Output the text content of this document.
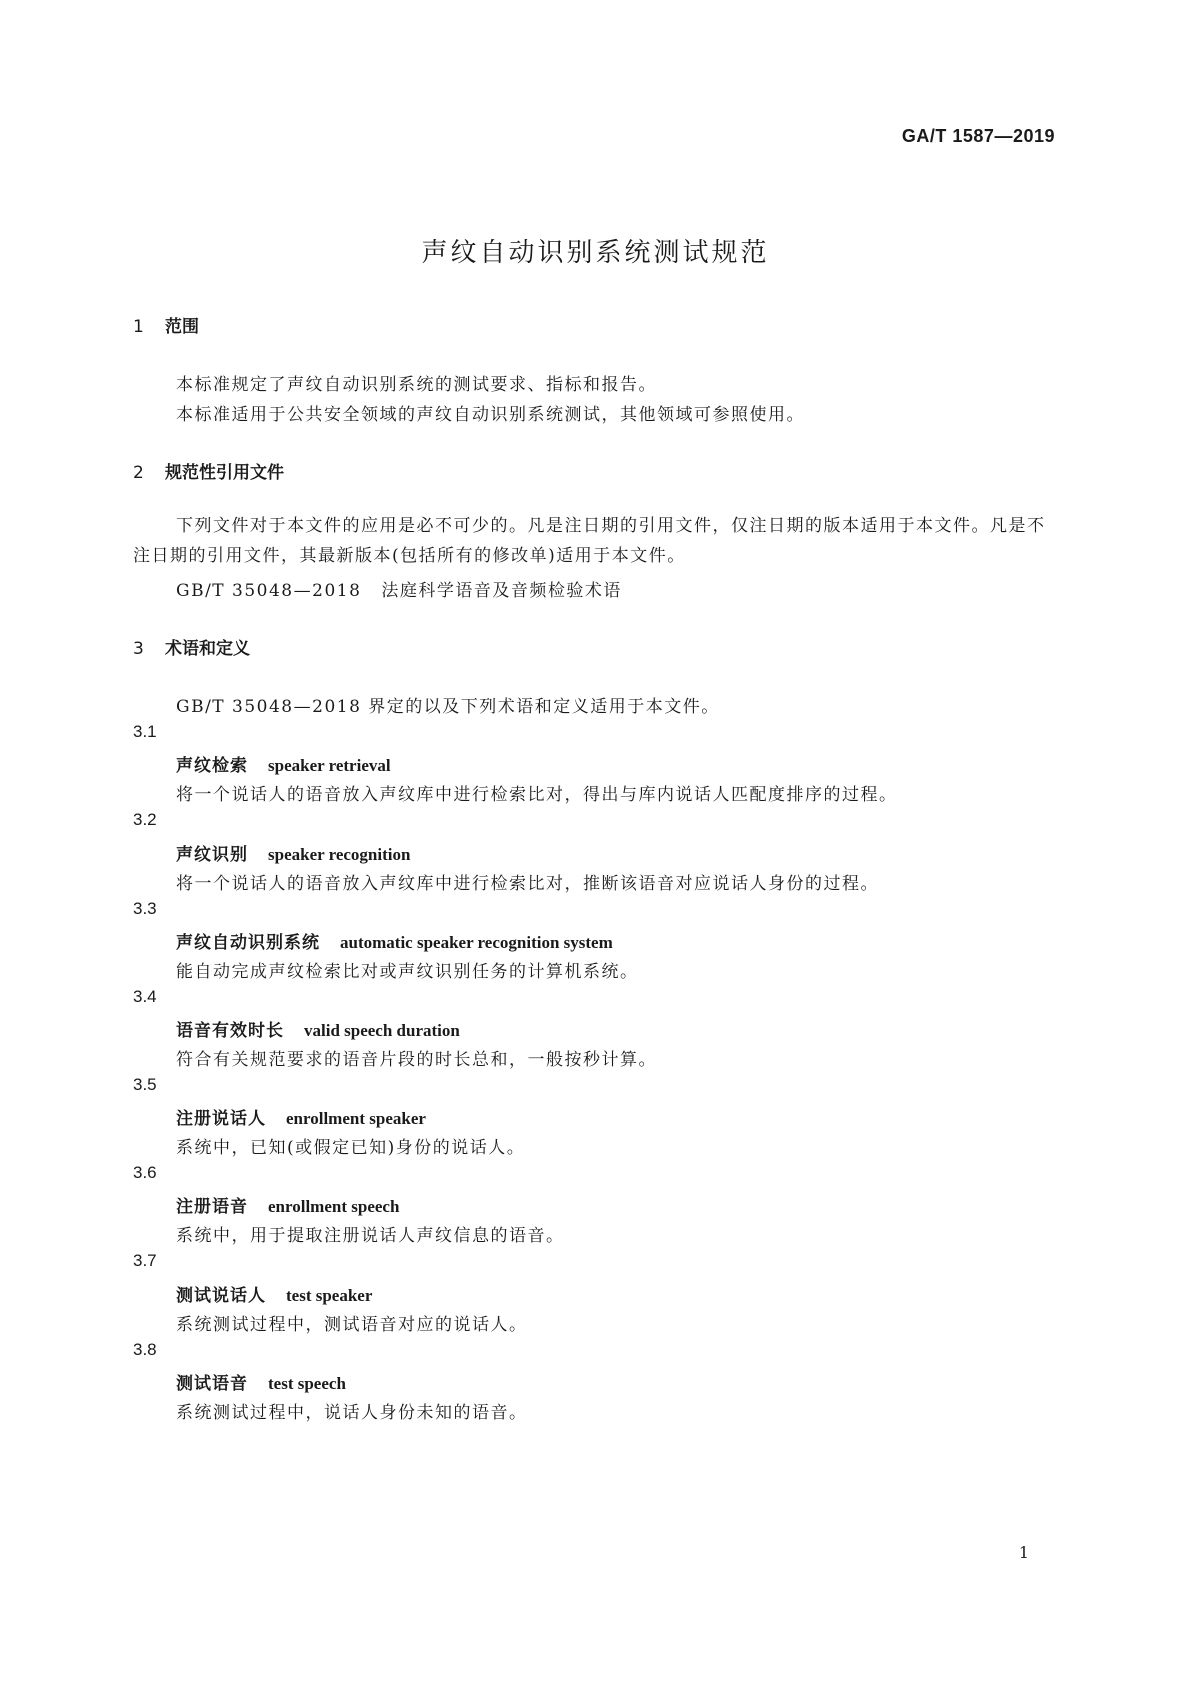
GA/T 1587—2019
声纹自动识别系统测试规范
1 范围
本标准规定了声纹自动识别系统的测试要求、指标和报告。
本标准适用于公共安全领域的声纹自动识别系统测试，其他领域可参照使用。
2 规范性引用文件
下列文件对于本文件的应用是必不可少的。凡是注日期的引用文件，仅注日期的版本适用于本文件。凡是不注日期的引用文件，其最新版本(包括所有的修改单)适用于本文件。
GB/T 35048—2018 法庭科学语音及音频检验术语
3 术语和定义
GB/T 35048—2018 界定的以及下列术语和定义适用于本文件。
3.1
声纹检索 speaker retrieval
将一个说话人的语音放入声纹库中进行检索比对，得出与库内说话人匹配度排序的过程。
3.2
声纹识别 speaker recognition
将一个说话人的语音放入声纹库中进行检索比对，推断该语音对应说话人身份的过程。
3.3
声纹自动识别系统 automatic speaker recognition system
能自动完成声纹检索比对或声纹识别任务的计算机系统。
3.4
语音有效时长 valid speech duration
符合有关规范要求的语音片段的时长总和，一般按秒计算。
3.5
注册说话人 enrollment speaker
系统中，已知(或假定已知)身份的说话人。
3.6
注册语音 enrollment speech
系统中，用于提取注册说话人声纹信息的语音。
3.7
测试说话人 test speaker
系统测试过程中，测试语音对应的说话人。
3.8
测试语音 test speech
系统测试过程中，说话人身份未知的语音。
1
